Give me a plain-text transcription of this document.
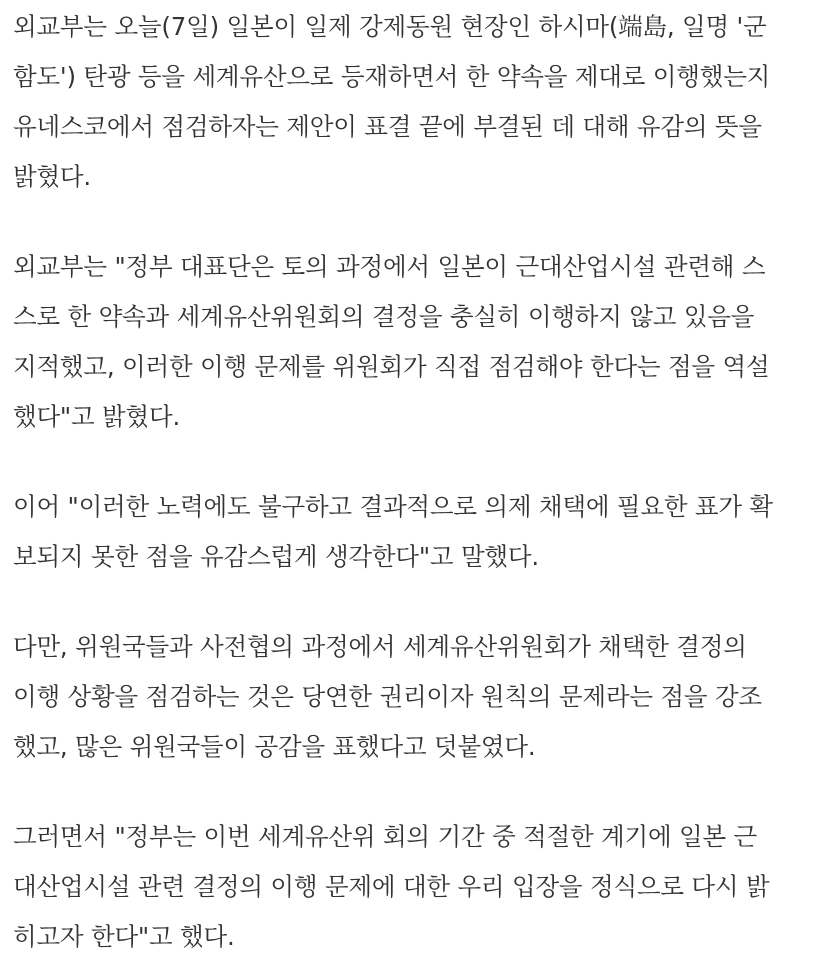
외교부는 오늘(7일) 일본이 일제 강제동원 현장인 하시마(端島, 일명 '군
함도') 탄광 등을 세계유산으로 등재하면서 한 약속을 제대로 이행했는지
유네스코에서 점검하자는 제안이 표결 끝에 부결된 데 대해 유감의 뜻을
밝혔다.
외교부는 "정부 대표단은 토의 과정에서 일본이 근대산업시설 관련해 스
스로 한 약속과 세계유산위원회의 결정을 충실히 이행하지 않고 있음을
지적했고, 이러한 이행 문제를 위원회가 직접 점검해야 한다는 점을 역설
했다"고 밝혔다.
이어 "이러한 노력에도 불구하고 결과적으로 의제 채택에 필요한 표가 확
보되지 못한 점을 유감스럽게 생각한다"고 말했다.
다만, 위원국들과 사전협의 과정에서 세계유산위원회가 채택한 결정의
이행 상황을 점검하는 것은 당연한 권리이자 원칙의 문제라는 점을 강조
했고, 많은 위원국들이 공감을 표했다고 덧붙였다.
그러면서 "정부는 이번 세계유산위 회의 기간 중 적절한 계기에 일본 근
대산업시설 관련 결정의 이행 문제에 대한 우리 입장을 정식으로 다시 밝
히고자 한다"고 했다.
